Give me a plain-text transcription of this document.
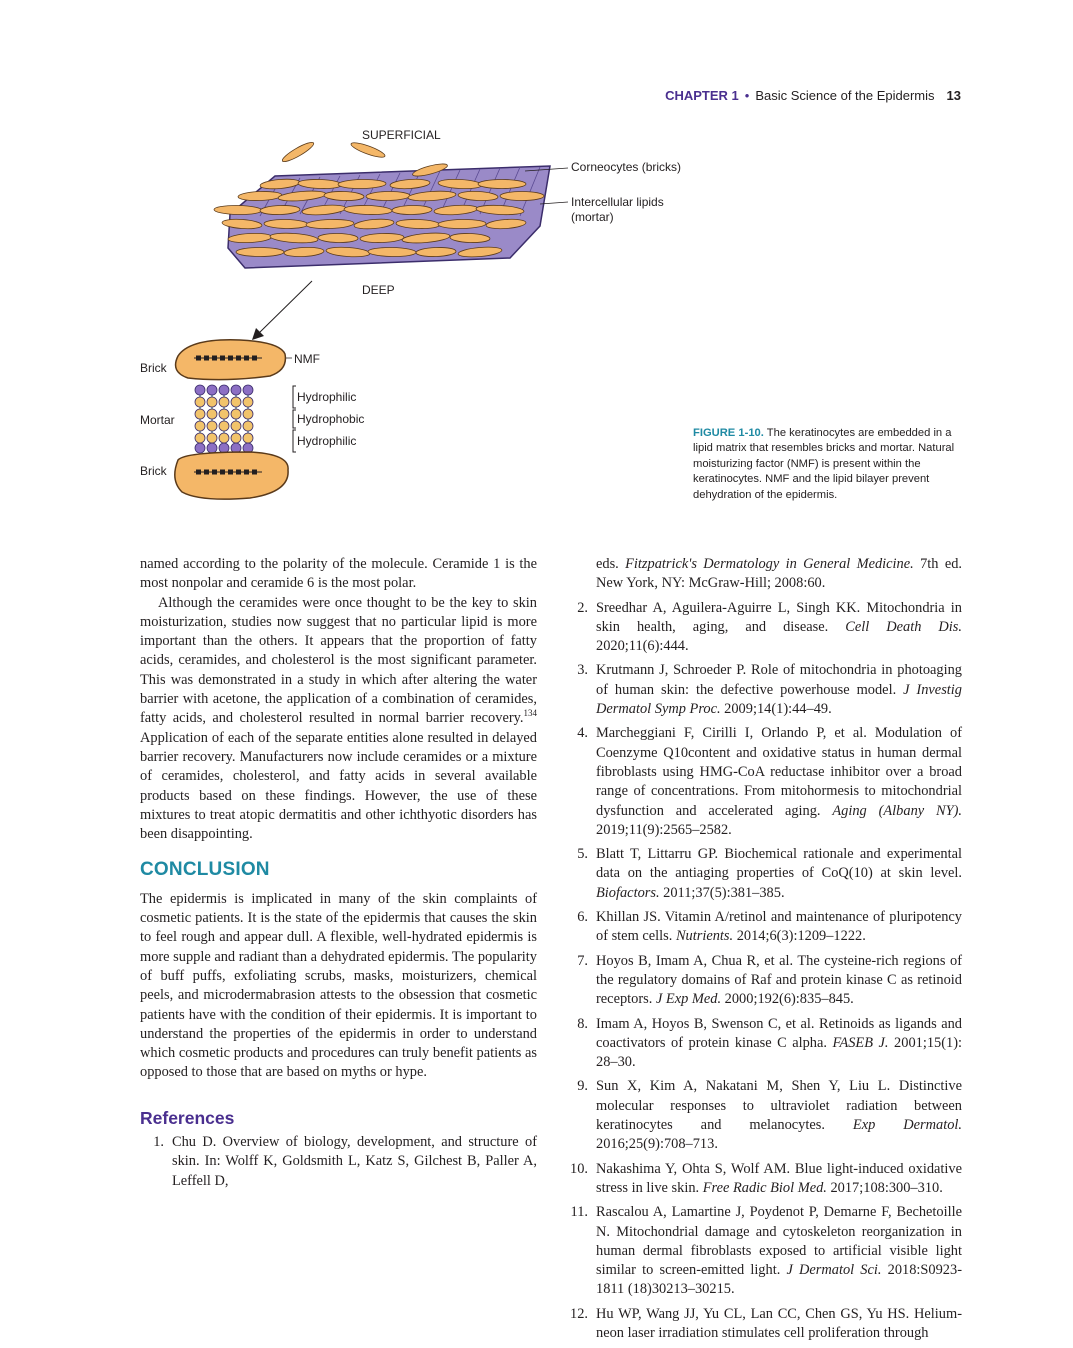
CHAPTER 1 • Basic Science of the Epidermis 13
SUPERFICIAL
DEEP
Corneocytes (bricks)
Intercellular lipids
(mortar)
NMF
Brick
Mortar
Brick
Hydrophilic
Hydrophobic
Hydrophilic
FIGURE 1-10. The keratinocytes are embedded in a lipid matrix that resembles bricks and mortar. Natural moisturizing factor (NMF) is present within the keratinocytes. NMF and the lipid bilayer prevent dehydration of the epidermis.

named according to the polarity of the molecule. Ceramide 1 is the most nonpolar and ceramide 6 is the most polar.

Although the ceramides were once thought to be the key to skin moisturization, studies now suggest that no particular lipid is more important than the others. It appears that the proportion of fatty acids, ceramides, and cholesterol is the most significant parameter. This was demonstrated in a study in which after altering the water barrier with acetone, the application of a combination of ceramides, fatty acids, and cholesterol resulted in normal barrier recovery.$^{134}$ Application of each of the separate entities alone resulted in delayed barrier recovery. Manufacturers now include ceramides or a mixture of ceramides, cholesterol, and fatty acids in several available products based on these findings. However, the use of these mixtures to treat atopic dermatitis and other ichthyotic disorders has been disappointing.

CONCLUSION

The epidermis is implicated in many of the skin complaints of cosmetic patients. It is the state of the epidermis that causes the skin to feel rough and appear dull. A flexible, well-hydrated epidermis is more supple and radiant than a dehydrated epidermis. The popularity of buff puffs, exfoliating scrubs, masks, moisturizers, chemical peels, and microdermabrasion attests to the obsession that cosmetic patients have with the condition of their epidermis. It is important to understand the properties of the epidermis in order to understand which cosmetic products and procedures can truly benefit patients as opposed to those that are based on myths or hype.

References
1. Chu D. Overview of biology, development, and structure of skin. In: Wolff K, Goldsmith L, Katz S, Gilchest B, Paller A, Leffell D,
eds. Fitzpatrick's Dermatology in General Medicine. 7th ed. New York, NY: McGraw-Hill; 2008:60.
2. Sreedhar A, Aguilera-Aguirre L, Singh KK. Mitochondria in skin health, aging, and disease. Cell Death Dis. 2020;11(6):444.
3. Krutmann J, Schroeder P. Role of mitochondria in photoaging of human skin: the defective powerhouse model. J Investig Dermatol Symp Proc. 2009;14(1):44–49.
4. Marcheggiani F, Cirilli I, Orlando P, et al. Modulation of Coenzyme Q10content and oxidative status in human dermal fibroblasts using HMG-CoA reductase inhibitor over a broad range of concentrations. From mitohormesis to mitochondrial dysfunction and accelerated aging. Aging (Albany NY). 2019;11(9):2565–2582.
5. Blatt T, Littarru GP. Biochemical rationale and experimental data on the antiaging properties of CoQ(10) at skin level. Biofactors. 2011;37(5):381–385.
6. Khillan JS. Vitamin A/retinol and maintenance of pluripotency of stem cells. Nutrients. 2014;6(3):1209–1222.
7. Hoyos B, Imam A, Chua R, et al. The cysteine-rich regions of the regulatory domains of Raf and protein kinase C as retinoid receptors. J Exp Med. 2000;192(6):835–845.
8. Imam A, Hoyos B, Swenson C, et al. Retinoids as ligands and coactivators of protein kinase C alpha. FASEB J. 2001;15(1): 28–30.
9. Sun X, Kim A, Nakatani M, Shen Y, Liu L. Distinctive molecular responses to ultraviolet radiation between keratinocytes and melanocytes. Exp Dermatol. 2016;25(9):708–713.
10. Nakashima Y, Ohta S, Wolf AM. Blue light-induced oxidative stress in live skin. Free Radic Biol Med. 2017;108:300–310.
11. Rascalou A, Lamartine J, Poydenot P, Demarne F, Bechetoille N. Mitochondrial damage and cytoskeleton reorganization in human dermal fibroblasts exposed to artificial visible light similar to screen-emitted light. J Dermatol Sci. 2018:S0923-1811 (18)30213–30215.
12. Hu WP, Wang JJ, Yu CL, Lan CC, Chen GS, Yu HS. Helium-neon laser irradiation stimulates cell proliferation through
